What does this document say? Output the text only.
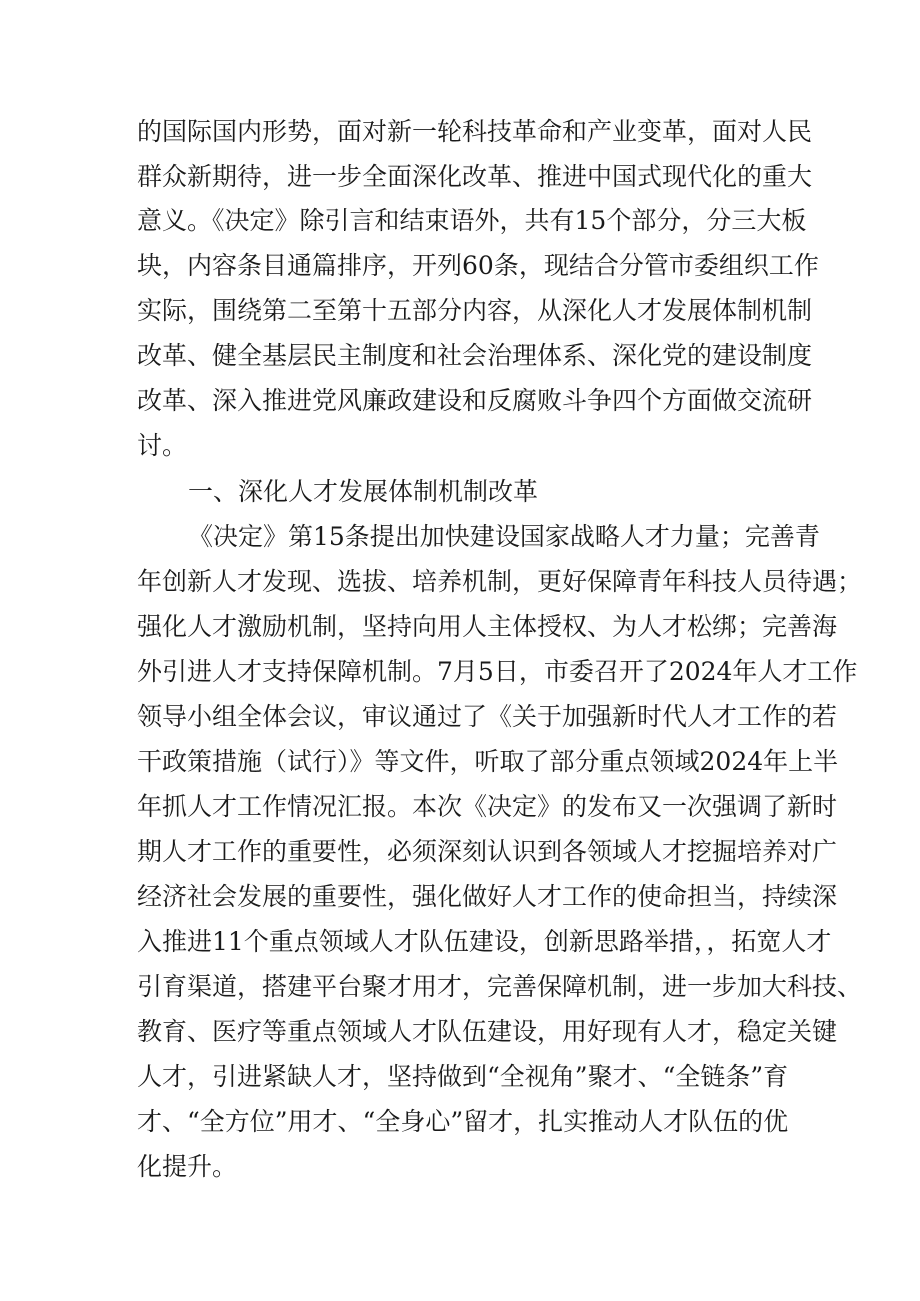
的国际国内形势，面对新一轮科技革命和产业变革，面对人民

群众新期待，进一步全面深化改革、推进中国式现代化的重大

意义。《决定》除引言和结束语外，共有15个部分，分三大板

块，内容条目通篇排序，开列60条，现结合分管市委组织工作

实际，围绕第二至第十五部分内容，从深化人才发展体制机制

改革、健全基层民主制度和社会治理体系、深化党的建设制度

改革、深入推进党风廉政建设和反腐败斗争四个方面做交流研

讨。

一、深化人才发展体制机制改革

《决定》第15条提出加快建设国家战略人才力量；完善青

年创新人才发现、选拔、培养机制，更好保障青年科技人员待遇；

强化人才激励机制，坚持向用人主体授权、为人才松绑；完善海

外引进人才支持保障机制。7月5日，市委召开了2024年人才工作

领导小组全体会议，审议通过了《关于加强新时代人才工作的若

干政策措施（试行）》等文件，听取了部分重点领域2024年上半

年抓人才工作情况汇报。本次《决定》的发布又一次强调了新时

期人才工作的重要性，必须深刻认识到各领域人才挖掘培养对广

经济社会发展的重要性，强化做好人才工作的使命担当，持续深

入推进11个重点领域人才队伍建设，创新思路举措，，拓宽人才

引育渠道，搭建平台聚才用才，完善保障机制，进一步加大科技、

教育、医疗等重点领域人才队伍建设，用好现有人才，稳定关键

人才，引进紧缺人才，坚持做到“全视角”聚才、“全链条”育

才、“全方位”用才、“全身心”留才，扎实推动人才队伍的优

化提升。
